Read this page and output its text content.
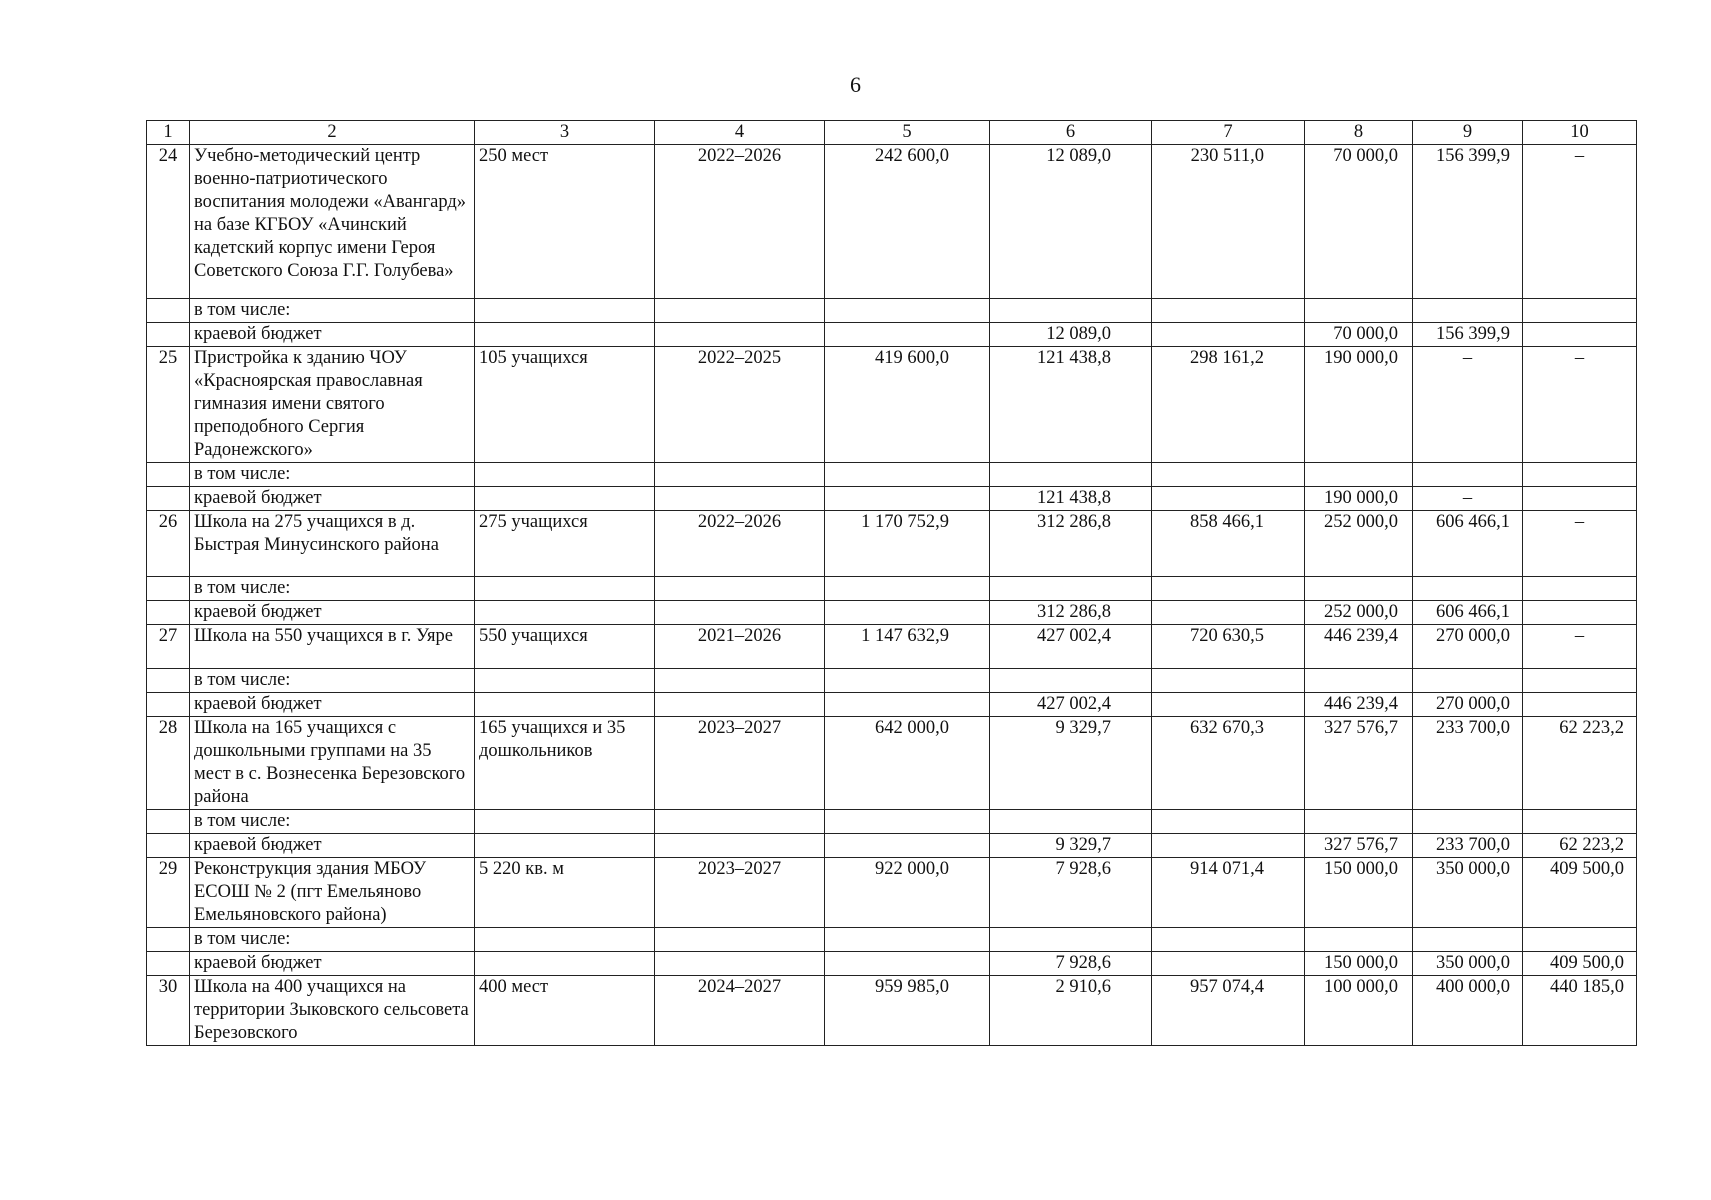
6
1	2	3	4	5	6	7	8	9	10
24	Учебно-методический центр военно-патриотического воспитания молодежи «Авангард» на базе КГБОУ «Ачинский кадетский корпус имени Героя Советского Союза Г.Г. Голубева»	250 мест	2022–2026	242 600,0	12 089,0	230 511,0	70 000,0	156 399,9	–
	в том числе:								
	краевой бюджет				12 089,0		70 000,0	156 399,9	
25	Пристройка к зданию ЧОУ «Красноярская православная гимназия имени святого преподобного Сергия Радонежского»	105 учащихся	2022–2025	419 600,0	121 438,8	298 161,2	190 000,0	–	–
	в том числе:								
	краевой бюджет				121 438,8		190 000,0	–	
26	Школа на 275 учащихся в д. Быстрая Минусинского района	275 учащихся	2022–2026	1 170 752,9	312 286,8	858 466,1	252 000,0	606 466,1	–
	в том числе:								
	краевой бюджет				312 286,8		252 000,0	606 466,1	
27	Школа на 550 учащихся в г. Уяре	550 учащихся	2021–2026	1 147 632,9	427 002,4	720 630,5	446 239,4	270 000,0	–
	в том числе:								
	краевой бюджет				427 002,4		446 239,4	270 000,0	
28	Школа на 165 учащихся с дошкольными группами на 35 мест в с. Вознесенка Березовского района	165 учащихся и 35 дошкольников	2023–2027	642 000,0	9 329,7	632 670,3	327 576,7	233 700,0	62 223,2
	в том числе:								
	краевой бюджет				9 329,7		327 576,7	233 700,0	62 223,2
29	Реконструкция здания МБОУ ЕСОШ № 2 (пгт Емельяново Емельяновского района)	5 220 кв. м	2023–2027	922 000,0	7 928,6	914 071,4	150 000,0	350 000,0	409 500,0
	в том числе:								
	краевой бюджет				7 928,6		150 000,0	350 000,0	409 500,0
30	Школа на 400 учащихся на территории Зыковского сельсовета Березовского	400 мест	2024–2027	959 985,0	2 910,6	957 074,4	100 000,0	400 000,0	440 185,0
